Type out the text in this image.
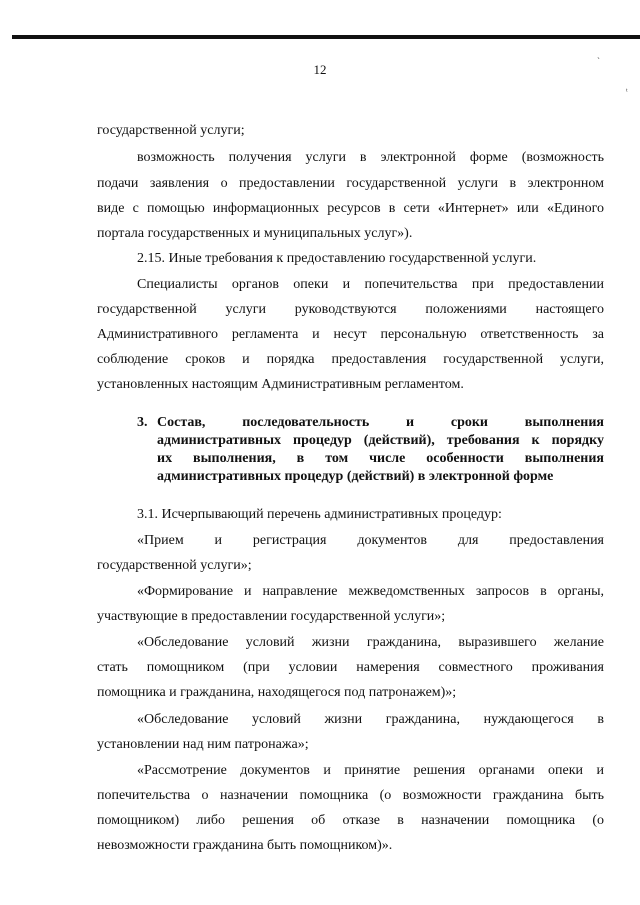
12
`
ᵗ

государственной услуги;

возможность получения услуги в электронной форме (возможность

подачи заявления о предоставлении государственной услуги в электронном

виде с помощью информационных ресурсов в сети «Интернет» или «Единого

портала государственных и муниципальных услуг»).

2.15. Иные требования к предоставлению государственной услуги.

Специалисты органов опеки и попечительства при предоставлении

государственной услуги руководствуются положениями настоящего

Административного регламента и несут персональную ответственность за

соблюдение сроков и порядка предоставления государственной услуги,

установленных настоящим Административным регламентом.

3. Состав, последовательность и сроки выполнения
административных процедур (действий), требования к порядку
их выполнения, в том числе особенности выполнения
административных процедур (действий) в электронной форме

3.1. Исчерпывающий перечень административных процедур:

«Прием и регистрация документов для предоставления

государственной услуги»;

«Формирование и направление межведомственных запросов в органы,

участвующие в предоставлении государственной услуги»;

«Обследование условий жизни гражданина, выразившего желание

стать помощником (при условии намерения совместного проживания

помощника и гражданина, находящегося под патронажем)»;

«Обследование условий жизни гражданина, нуждающегося в

установлении над ним патронажа»;

«Рассмотрение документов и принятие решения органами опеки и

попечительства о назначении помощника (о возможности гражданина быть

помощником) либо решения об отказе в назначении помощника (о

невозможности гражданина быть помощником)».
